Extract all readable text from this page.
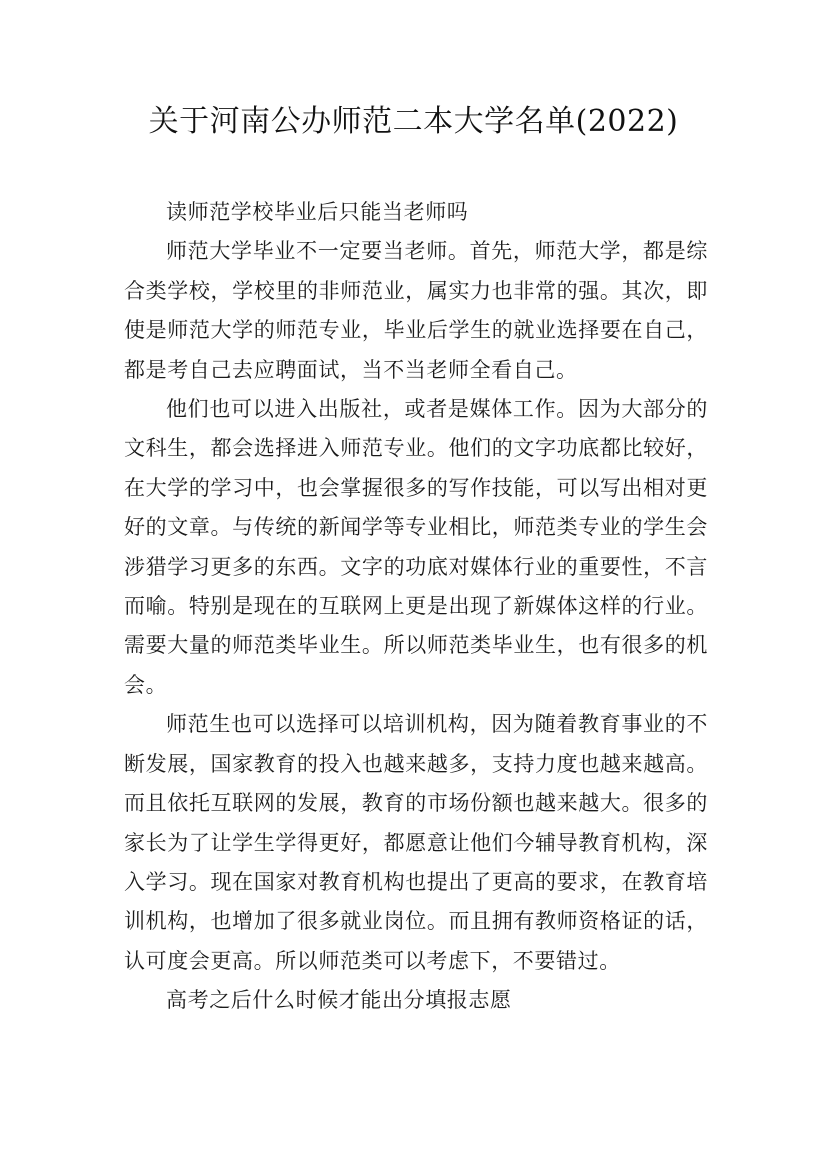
关于河南公办师范二本大学名单(2022)

读师范学校毕业后只能当老师吗

师范大学毕业不一定要当老师。首先，师范大学，都是综合类学校，学校里的非师范业，属实力也非常的强。其次，即使是师范大学的师范专业，毕业后学生的就业选择要在自己，都是考自己去应聘面试，当不当老师全看自己。

他们也可以进入出版社，或者是媒体工作。因为大部分的文科生，都会选择进入师范专业。他们的文字功底都比较好，在大学的学习中，也会掌握很多的写作技能，可以写出相对更好的文章。与传统的新闻学等专业相比，师范类专业的学生会涉猎学习更多的东西。文字的功底对媒体行业的重要性，不言而喻。特别是现在的互联网上更是出现了新媒体这样的行业。需要大量的师范类毕业生。所以师范类毕业生，也有很多的机会。

师范生也可以选择可以培训机构，因为随着教育事业的不断发展，国家教育的投入也越来越多，支持力度也越来越高。而且依托互联网的发展，教育的市场份额也越来越大。很多的家长为了让学生学得更好，都愿意让他们今辅导教育机构，深入学习。现在国家对教育机构也提出了更高的要求，在教育培训机构，也增加了很多就业岗位。而且拥有教师资格证的话，认可度会更高。所以师范类可以考虑下，不要错过。

高考之后什么时候才能出分填报志愿
